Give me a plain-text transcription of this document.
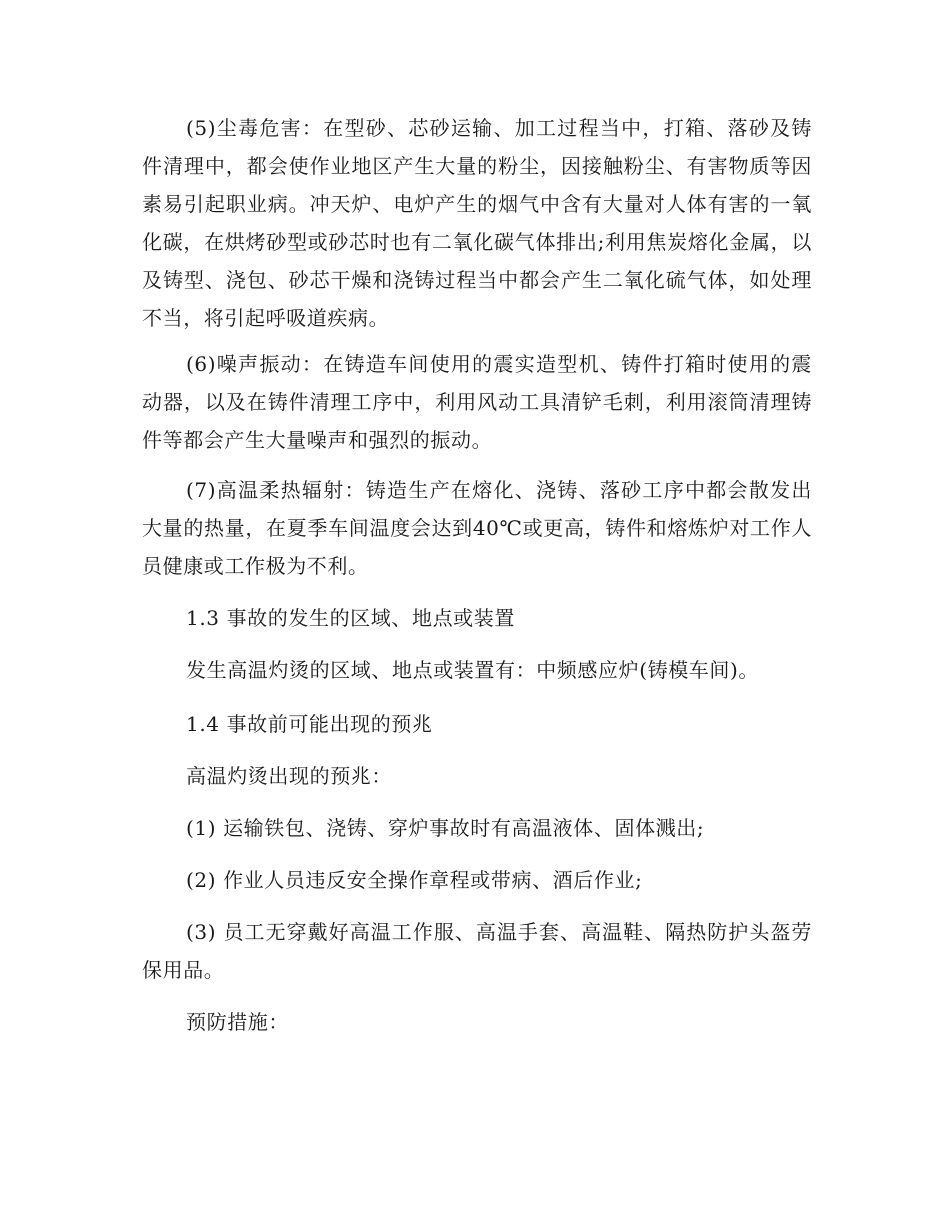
(5)尘毒危害：在型砂、芯砂运输、加工过程当中，打箱、落砂及铸件清理中，都会使作业地区产生大量的粉尘，因接触粉尘、有害物质等因素易引起职业病。冲天炉、电炉产生的烟气中含有大量对人体有害的一氧化碳，在烘烤砂型或砂芯时也有二氧化碳气体排出;利用焦炭熔化金属，以及铸型、浇包、砂芯干燥和浇铸过程当中都会产生二氧化硫气体，如处理不当，将引起呼吸道疾病。

(6)噪声振动：在铸造车间使用的震实造型机、铸件打箱时使用的震动器，以及在铸件清理工序中，利用风动工具清铲毛刺，利用滚筒清理铸件等都会产生大量噪声和强烈的振动。

(7)高温柔热辐射：铸造生产在熔化、浇铸、落砂工序中都会散发出大量的热量，在夏季车间温度会达到40℃或更高，铸件和熔炼炉对工作人员健康或工作极为不利。

1.3 事故的发生的区域、地点或装置

发生高温灼烫的区域、地点或装置有：中频感应炉(铸模车间)。

1.4 事故前可能出现的预兆

高温灼烫出现的预兆：

(1) 运输铁包、浇铸、穿炉事故时有高温液体、固体溅出;

(2) 作业人员违反安全操作章程或带病、酒后作业;

(3) 员工无穿戴好高温工作服、高温手套、高温鞋、隔热防护头盔劳保用品。

预防措施：
